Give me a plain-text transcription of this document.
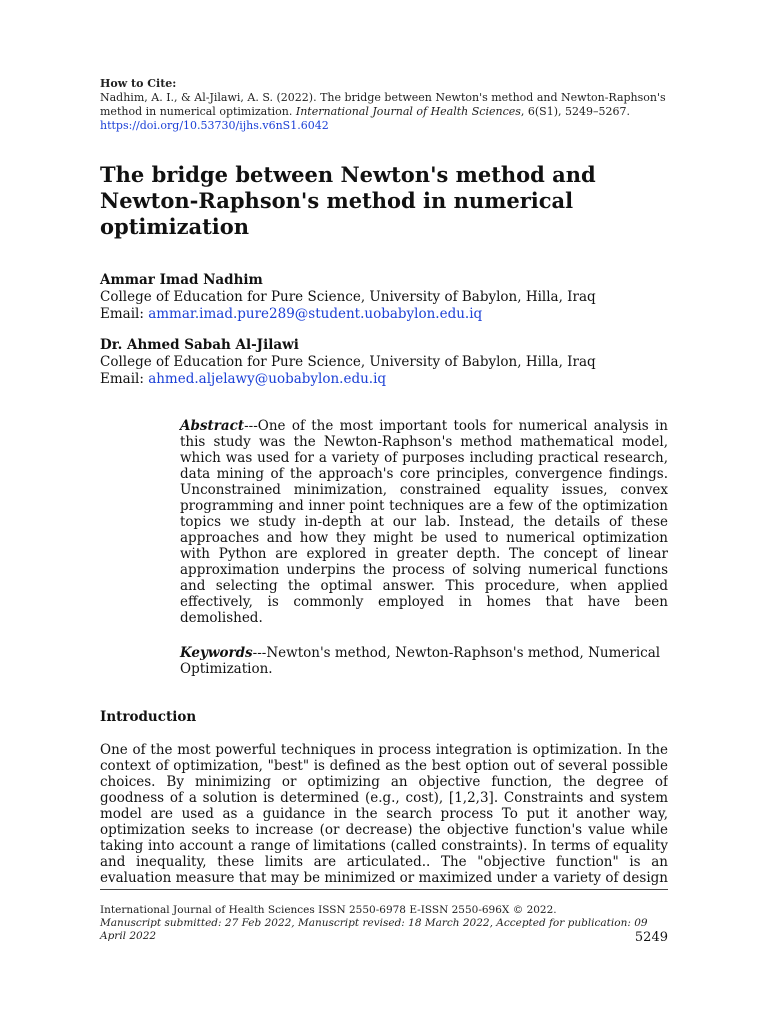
How to Cite:
Nadhim, A. I., & Al-Jilawi, A. S. (2022). The bridge between Newton's method and Newton-Raphson's method in numerical optimization. International Journal of Health Sciences, 6(S1), 5249–5267.
https://doi.org/10.53730/ijhs.v6nS1.6042
The bridge between Newton's method and Newton-Raphson's method in numerical optimization
Ammar Imad Nadhim
College of Education for Pure Science, University of Babylon, Hilla, Iraq
Email: ammar.imad.pure289@student.uobabylon.edu.iq
Dr. Ahmed Sabah Al-Jilawi
College of Education for Pure Science, University of Babylon, Hilla, Iraq
Email: ahmed.aljelawy@uobabylon.edu.iq
Abstract---One of the most important tools for numerical analysis in this study was the Newton-Raphson's method mathematical model, which was used for a variety of purposes including practical research, data mining of the approach's core principles, convergence findings. Unconstrained minimization, constrained equality issues, convex programming and inner point techniques are a few of the optimization topics we study in-depth at our lab. Instead, the details of these approaches and how they might be used to numerical optimization with Python are explored in greater depth. The concept of linear approximation underpins the process of solving numerical functions and selecting the optimal answer. This procedure, when applied effectively, is commonly employed in homes that have been demolished.
Keywords---Newton's method, Newton-Raphson's method, Numerical Optimization.
Introduction
One of the most powerful techniques in process integration is optimization. In the context of optimization, "best" is defined as the best option out of several possible choices. By minimizing or optimizing an objective function, the degree of goodness of a solution is determined (e.g., cost), [1,2,3]. Constraints and system model are used as a guidance in the search process To put it another way, optimization seeks to increase (or decrease) the objective function's value while taking into account a range of limitations (called constraints). In terms of equality and inequality, these limits are articulated.. The "objective function" is an evaluation measure that may be minimized or maximized under a variety of design
International Journal of Health Sciences ISSN 2550-6978 E-ISSN 2550-696X © 2022.
Manuscript submitted: 27 Feb 2022, Manuscript revised: 18 March 2022, Accepted for publication: 09 April 2022	5249
